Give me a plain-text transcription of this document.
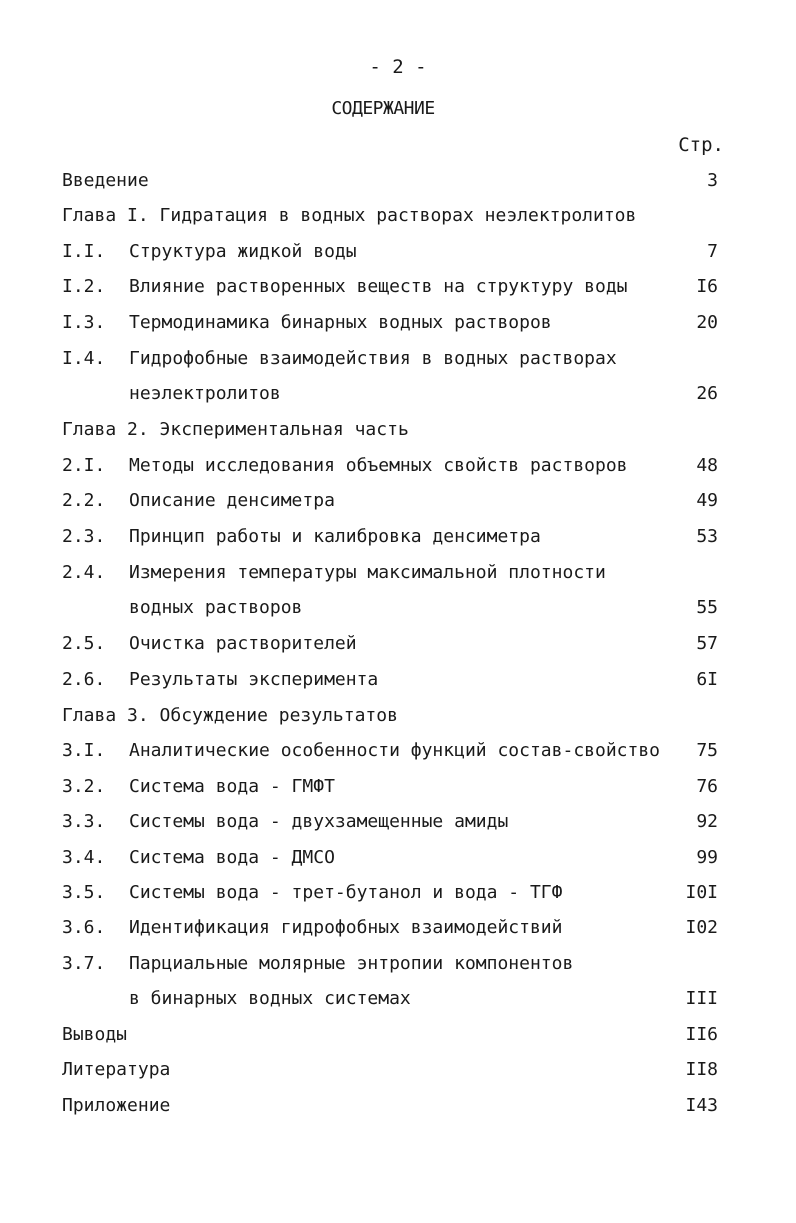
- 2 -
СОДЕРЖАНИЕ
Стр.
Введение	3
Глава I. Гидратация в водных растворах неэлектролитов
I.I. Структура жидкой воды	7
I.2. Влияние растворенных веществ на структуру воды	I6
I.3. Термодинамика бинарных водных растворов	20
I.4. Гидрофобные взаимодействия в водных растворах
неэлектролитов	26
Глава 2. Экспериментальная часть
2.I. Методы исследования объемных свойств растворов	48
2.2. Описание денсиметра	49
2.3. Принцип работы и калибровка денсиметра	53
2.4. Измерения температуры максимальной плотности
водных растворов	55
2.5. Очистка растворителей	57
2.6. Результаты эксперимента	6I
Глава 3. Обсуждение результатов
3.I. Аналитические особенности функций состав-свойство 75
3.2. Система вода - ГМФТ	76
3.3. Системы вода - двухзамещенные амиды	92
3.4. Система вода - ДМСО	99
3.5. Системы вода - трет-бутанол и вода - ТГФ	I0I
3.6. Идентификация гидрофобных взаимодействий	I02
3.7. Парциальные молярные энтропии компонентов
в бинарных водных системах	III
Выводы	II6
Литература	II8
Приложение	I43
